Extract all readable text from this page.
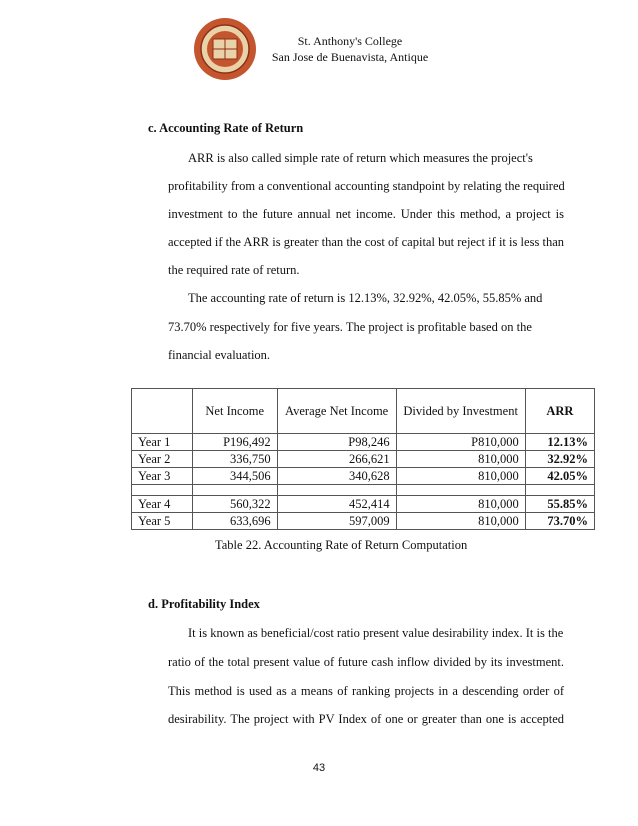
St. Anthony's College
San Jose de Buenavista, Antique
c. Accounting Rate of Return
ARR is also called simple rate of return which measures the project's
profitability from a conventional accounting standpoint by relating the required
investment to the future annual net income. Under this method, a project is
accepted if the ARR is greater than the cost of capital but reject if it is less than
the required rate of return.
The accounting rate of return is 12.13%, 32.92%, 42.05%, 55.85% and
73.70% respectively for five years. The project is profitable based on the
financial evaluation.
	Net Income	Average Net Income	Divided by Investment	ARR
Year 1	P196,492	P98,246	P810,000	12.13%
Year 2	336,750	266,621	810,000	32.92%
Year 3	344,506	340,628	810,000	42.05%

Year 4	560,322	452,414	810,000	55.85%
Year 5	633,696	597,009	810,000	73.70%
Table 22. Accounting Rate of Return Computation
d. Profitability Index
It is known as beneficial/cost ratio present value desirability index. It is the
ratio of the total present value of future cash inflow divided by its investment.
This method is used as a means of ranking projects in a descending order of
desirability. The project with PV Index of one or greater than one is accepted
43
